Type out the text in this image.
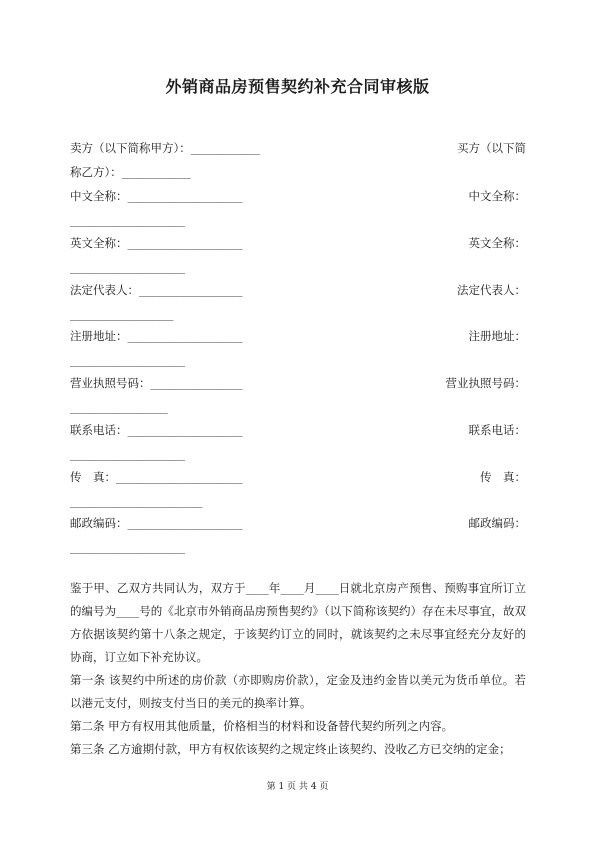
外销商品房预售契约补充合同审核版
卖方（以下简称甲方）：____________	买方（以下简
称乙方）：____________
中文全称：____________________	中文全称：
____________________
英文全称：____________________	英文全称：
____________________
法定代表人：__________________	法定代表人：
__________________
注册地址：____________________	注册地址：
____________________
营业执照号码：________________	营业执照号码：
_________________
联系电话：____________________	联系电话：
____________________
传　真：______________________	传　真：
_______________________
邮政编码：____________________	邮政编码：
____________________

鉴于甲、乙双方共同认为，双方于____年____月____日就北京房产预售、预购事宜所订立的编号为____号的《北京市外销商品房预售契约》（以下简称该契约）存在未尽事宜，故双方依据该契约第十八条之规定，于该契约订立的同时，就该契约之未尽事宜经充分友好的协商，订立如下补充协议。

第一条 该契约中所述的房价款（亦即购房价款），定金及违约金皆以美元为货币单位。若以港元支付，则按支付当日的美元的换率计算。

第二条 甲方有权用其他质量，价格相当的材料和设备替代契约所列之内容。

第三条 乙方逾期付款，甲方有权依该契约之规定终止该契约、没收乙方已交纳的定金；

第 1 页 共 4 页
